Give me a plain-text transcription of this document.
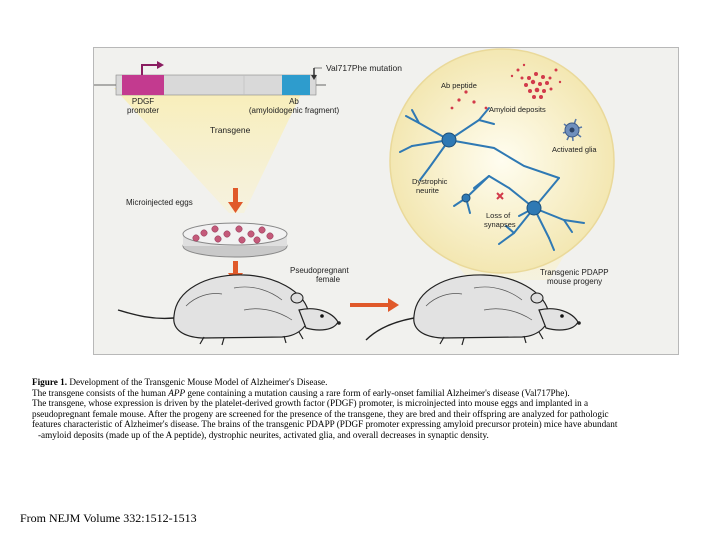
Val717Phe mutation
PDGF
promoter
Ab
(amyloidogenic fragment)
Transgene
Microinjected eggs
Pseudopregnant
female
Transgenic PDAPP
mouse progeny
Ab peptide
Amyloid deposits
Activated glia
Dystrophic
neurite
Loss of
synapses

Figure 1. Development of the Transgenic Mouse Model of Alzheimer's Disease.

The transgene consists of the human APP gene containing a mutation causing a rare form of early-onset familial Alzheimer's disease (Val717Phe).

The transgene, whose expression is driven by the platelet-derived growth factor (PDGF) promoter, is microinjected into mouse eggs and implanted in a

pseudopregnant female mouse. After the progeny are screened for the presence of the transgene, they are bred and their offspring are analyzed for pathologic

features characteristic of Alzheimer's disease. The brains of the transgenic PDAPP (PDGF promoter expressing amyloid precursor protein) mice have abundant

-amyloid deposits (made up of the A peptide), dystrophic neurites, activated glia, and overall decreases in synaptic density.

From NEJM Volume 332:1512-1513
